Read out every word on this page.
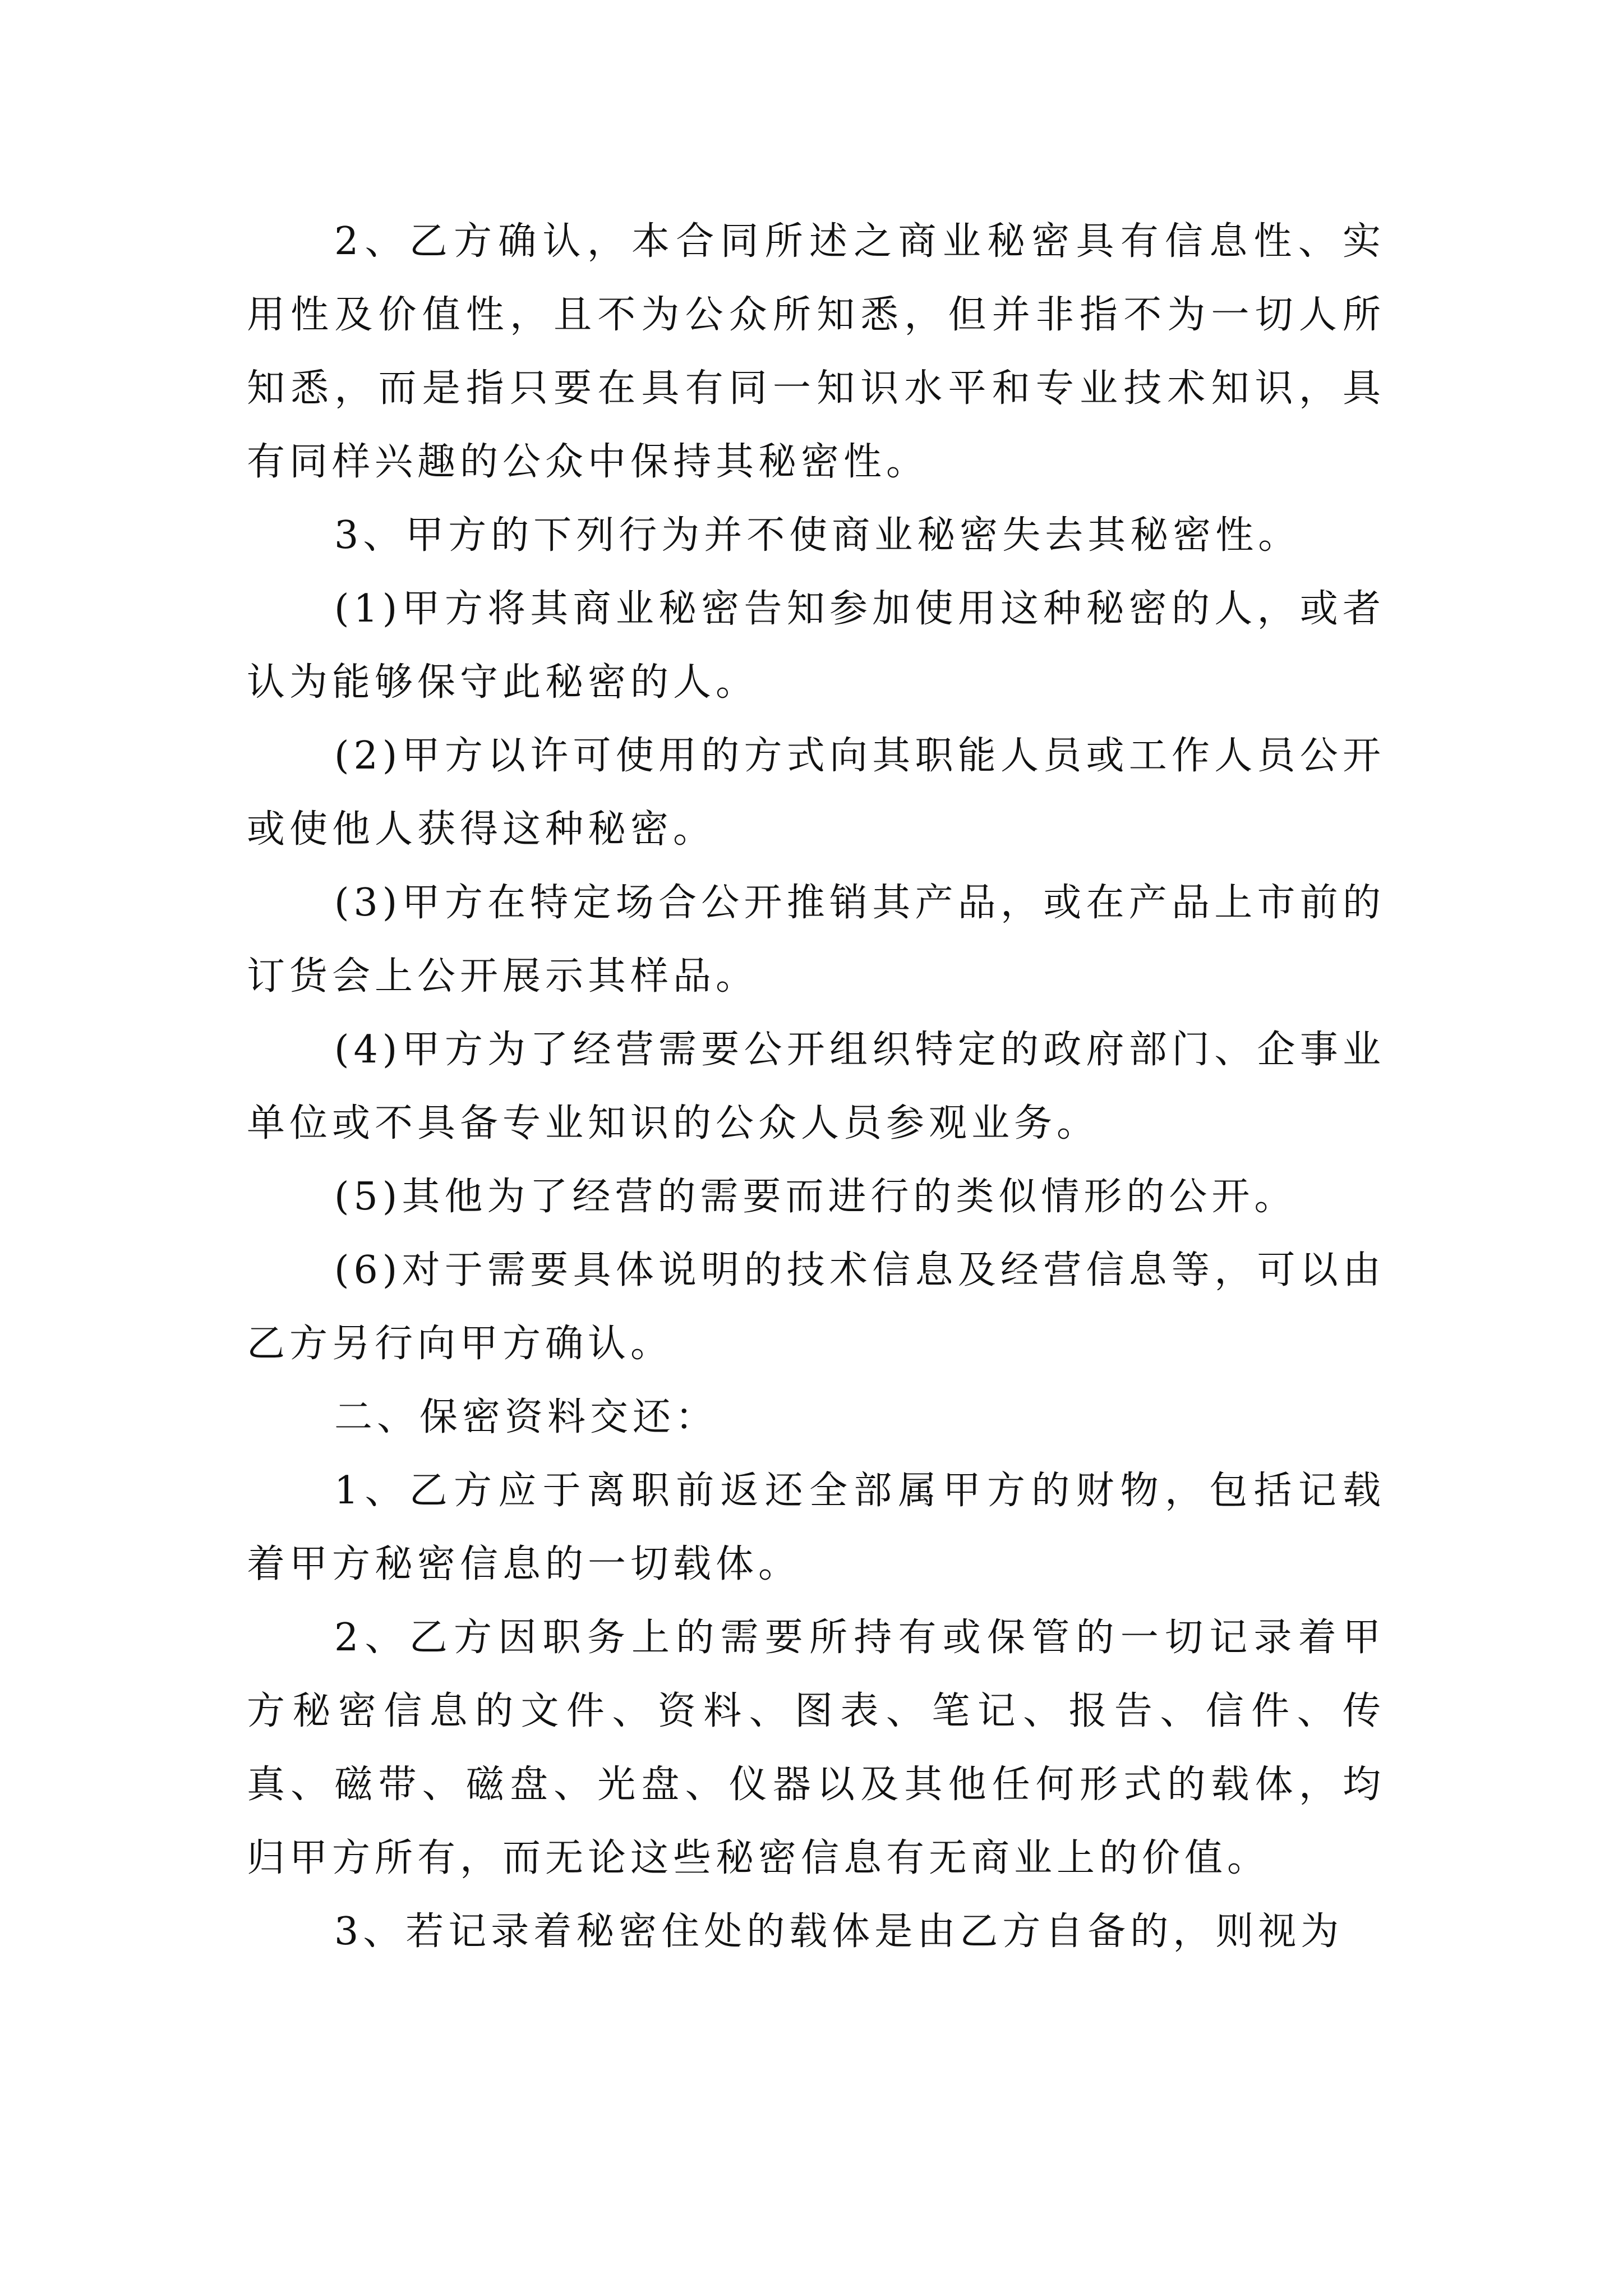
2、乙方确认，本合同所述之商业秘密具有信息性、实用性及价值性，且不为公众所知悉，但并非指不为一切人所知悉，而是指只要在具有同一知识水平和专业技术知识，具有同样兴趣的公众中保持其秘密性。

3、甲方的下列行为并不使商业秘密失去其秘密性。

(1)甲方将其商业秘密告知参加使用这种秘密的人，或者认为能够保守此秘密的人。

(2)甲方以许可使用的方式向其职能人员或工作人员公开或使他人获得这种秘密。

(3)甲方在特定场合公开推销其产品，或在产品上市前的订货会上公开展示其样品。

(4)甲方为了经营需要公开组织特定的政府部门、企事业单位或不具备专业知识的公众人员参观业务。

(5)其他为了经营的需要而进行的类似情形的公开。

(6)对于需要具体说明的技术信息及经营信息等，可以由乙方另行向甲方确认。

二、保密资料交还：

1、乙方应于离职前返还全部属甲方的财物，包括记载着甲方秘密信息的一切载体。

2、乙方因职务上的需要所持有或保管的一切记录着甲方秘密信息的文件、资料、图表、笔记、报告、信件、传真、磁带、磁盘、光盘、仪器以及其他任何形式的载体，均归甲方所有，而无论这些秘密信息有无商业上的价值。

3、若记录着秘密住处的载体是由乙方自备的，则视为
